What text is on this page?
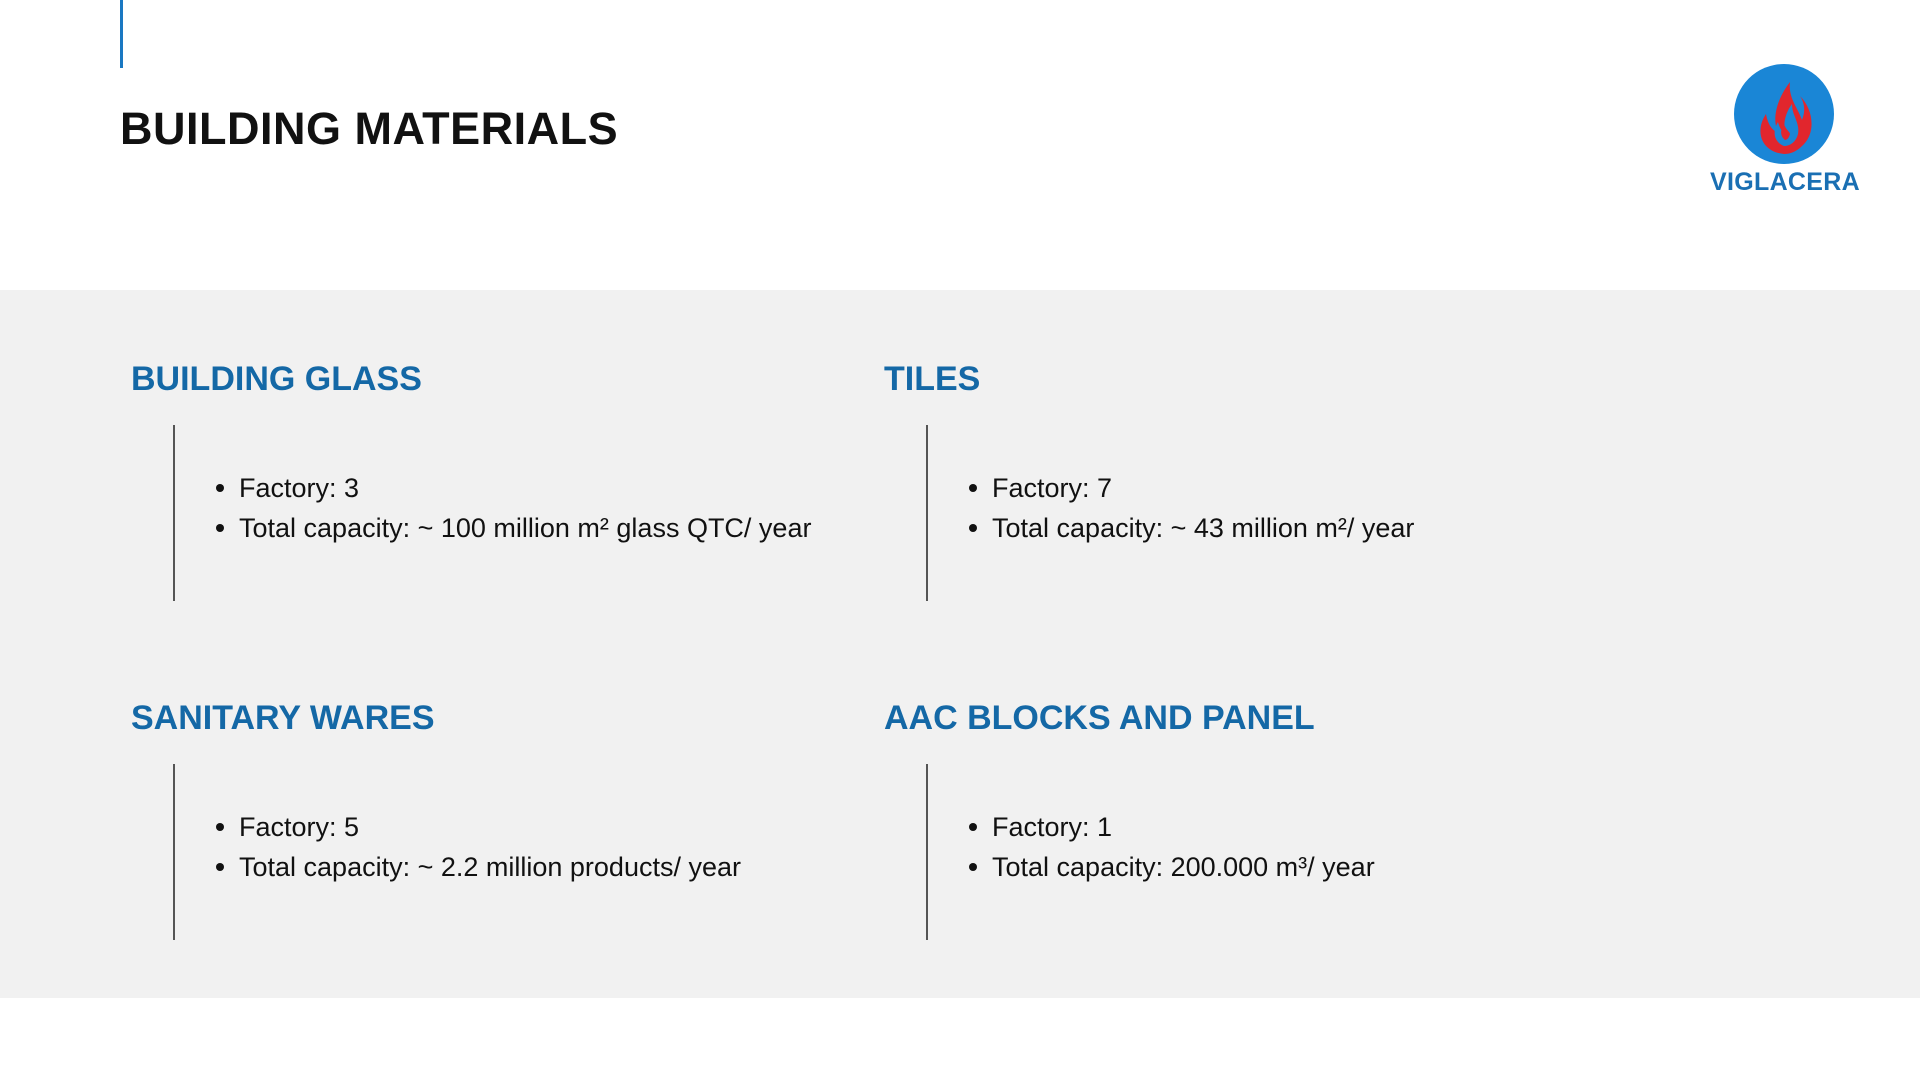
BUILDING MATERIALS
VIGLACERA
BUILDING GLASS
Factory: 3
Total capacity: ~ 100 million m² glass QTC/ year
TILES
Factory: 7
Total capacity: ~ 43 million m²/ year
SANITARY WARES
Factory: 5
Total capacity: ~ 2.2 million products/ year
AAC BLOCKS AND PANEL
Factory: 1
Total capacity: 200.000 m³/ year
